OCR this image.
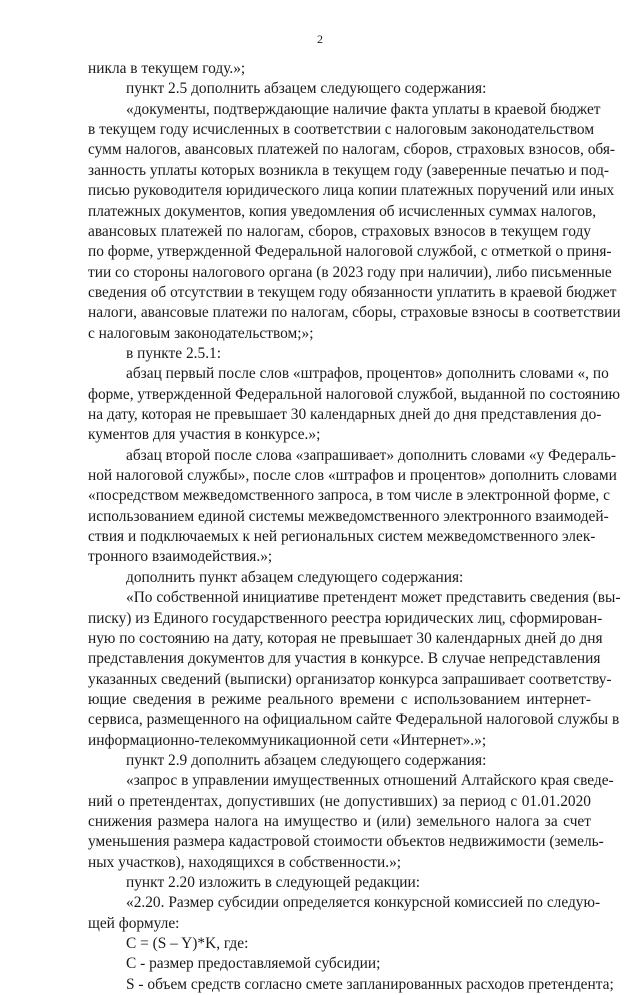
2
никла в текущем году.»;
пункт 2.5 дополнить абзацем следующего содержания:
«документы, подтверждающие наличие факта уплаты в краевой бюджет
в текущем году исчисленных в соответствии с налоговым законодательством
сумм налогов, авансовых платежей по налогам, сборов, страховых взносов, обя-
занность уплаты которых возникла в текущем году (заверенные печатью и под-
писью руководителя юридического лица копии платежных поручений или иных
платежных документов, копия уведомления об исчисленных суммах налогов,
авансовых платежей по налогам, сборов, страховых взносов в текущем году
по форме, утвержденной Федеральной налоговой службой, с отметкой о приня-
тии со стороны налогового органа (в 2023 году при наличии), либо письменные
сведения об отсутствии в текущем году обязанности уплатить в краевой бюджет
налоги, авансовые платежи по налогам, сборы, страховые взносы в соответствии
с налоговым законодательством;»;
в пункте 2.5.1:
абзац первый после слов «штрафов, процентов» дополнить словами «, по
форме, утвержденной Федеральной налоговой службой, выданной по состоянию
на дату, которая не превышает 30 календарных дней до дня представления до-
кументов для участия в конкурсе.»;
абзац второй после слова «запрашивает» дополнить словами «у Федераль-
ной налоговой службы», после слов «штрафов и процентов» дополнить словами
«посредством межведомственного запроса, в том числе в электронной форме, с
использованием единой системы межведомственного электронного взаимодей-
ствия и подключаемых к ней региональных систем межведомственного элек-
тронного взаимодействия.»;
дополнить пункт абзацем следующего содержания:
«По собственной инициативе претендент может представить сведения (вы-
писку) из Единого государственного реестра юридических лиц, сформирован-
ную по состоянию на дату, которая не превышает 30 календарных дней до дня
представления документов для участия в конкурсе. В случае непредставления
указанных сведений (выписки) организатор конкурса запрашивает соответству-
ющие сведения в режиме реального времени с использованием интернет-
сервиса, размещенного на официальном сайте Федеральной налоговой службы в
информационно-телекоммуникационной сети «Интернет».»;
пункт 2.9 дополнить абзацем следующего содержания:
«запрос в управлении имущественных отношений Алтайского края сведе-
ний о претендентах, допустивших (не допустивших) за период с 01.01.2020
снижения размера налога на имущество и (или) земельного налога за счет
уменьшения размера кадастровой стоимости объектов недвижимости (земель-
ных участков), находящихся в собственности.»;
пункт 2.20 изложить в следующей редакции:
«2.20. Размер субсидии определяется конкурсной комиссией по следую-
щей формуле:
C = (S – Y)*K, где:
C - размер предоставляемой субсидии;
S - объем средств согласно смете запланированных расходов претендента;
